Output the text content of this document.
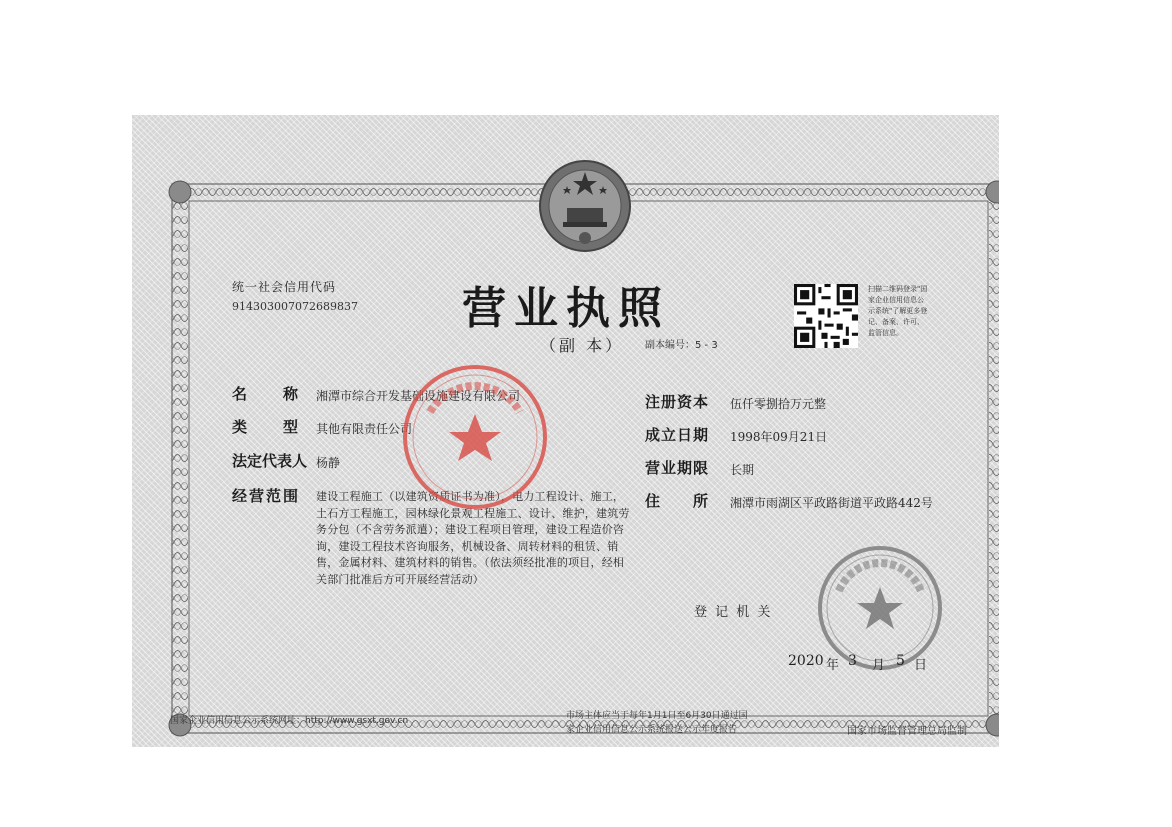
统一社会信用代码
914303007072689837 营业执照
（副 本） 副本编号：5 - 3
扫描二维码登录"国家企业信用信息公示系统"了解更多登记、备案、许可、监管信息。
名　　称 湘潭市综合开发基础设施建设有限公司
类　　型 其他有限责任公司
法定代表人 杨静
经营范围 建设工程施工（以建筑资质证书为准），电力工程设计、施工，土石方工程施工，园林绿化景观工程施工、设计、维护，建筑劳务分包（不含劳务派遣）；建设工程项目管理，建设工程造价咨询，建设工程技术咨询服务，机械设备、周转材料的租赁、销售，金属材料、建筑材料的销售。（依法须经批准的项目，经相关部门批准后方可开展经营活动）
注册资本 伍仟零捌拾万元整
成立日期 1998年09月21日
营业期限 长期
住　　所 湘潭市雨湖区平政路街道平政路442号
登 记 机 关
2020 年 3 月 5 日
国家企业信用信息公示系统网址：http://www.gsxt.gov.cn	市场主体应当于每年1月1日至6月30日通过国
家企业信用信息公示系统报送公示年度报告	国家市场监督管理总局监制
